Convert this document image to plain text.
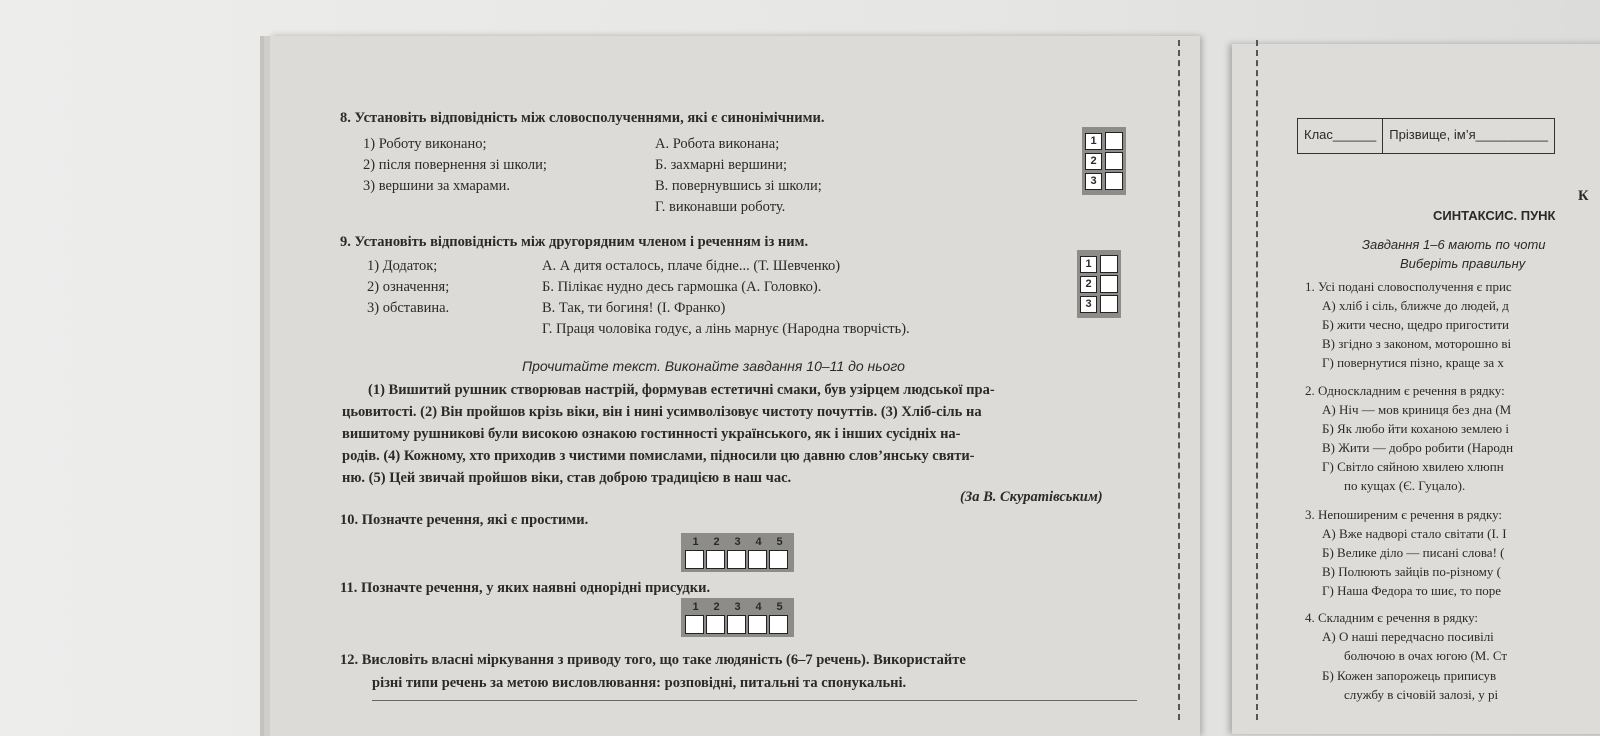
8. Установіть відповідність між словосполученнями, які є синонімічними.
1) Роботу виконано;
2) після повернення зі школи;
3) вершини за хмарами.
А. Робота виконана;
Б. захмарні вершини;
В. повернувшись зі школи;
Г. виконавши роботу.
1
2
3
9. Установіть відповідність між другорядним членом і реченням із ним.
1) Додаток;
2) означення;
3) обставина.
А. А дитя осталось, плаче бідне... (Т. Шевченко)
Б. Пілікає нудно десь гармошка (А. Головко).
В. Так, ти богиня! (І. Франко)
Г. Праця чоловіка годує, а лінь марнує (Народна творчість).
1
2
3
Прочитайте текст. Виконайте завдання 10–11 до нього
(1) Вишитий рушник створював настрій, формував естетичні смаки, був узірцем людської пра-
цьовитості. (2) Він пройшов крізь віки, він і нині усимволізовує чистоту почуттів. (3) Хліб-сіль на
вишитому рушникові були високою ознакою гостинності українського, як і інших сусідніх на-
родів. (4) Кожному, хто приходив з чистими помислами, підносили цю давню слов’янську святи-
ню. (5) Цей звичай пройшов віки, став доброю традицією в наш час.
(За В. Скуратівським)
10. Позначте речення, які є простими.
1	2	3	4	5
11. Позначте речення, у яких наявні однорідні присудки.
1	2	3	4	5
12. Висловіть власні міркування з приводу того, що таке людяність (6–7 речень). Використайте
різні типи речень за метою висловлювання: розповідні, питальні та спонукальні.
Клас______	Прізвище, ім’я__________
К
СИНТАКСИС. ПУНК
Завдання 1–6 мають по чоти
Виберіть правильну
1. Усі подані словосполучення є прис
А) хліб і сіль, ближче до людей, д
Б) жити чесно, щедро пригостити
В) згідно з законом, моторошно ві
Г) повернутися пізно, краще за х
2. Односкладним є речення в рядку:
А) Ніч — мов криниця без дна (М
Б) Як любо йти коханою землею і
В) Жити — добро робити (Народн
Г) Світло сяйною хвилею хлюпн
по кущах (Є. Гуцало).
3. Непоширеним є речення в рядку:
А) Вже надворі стало світати (І. І
Б) Велике діло — писані слова! (
В) Полюють зайців по-різному (
Г) Наша Федора то шиє, то поре
4. Складним є речення в рядку:
А) О наші передчасно посивілі
болючою в очах югою (М. Ст
Б) Кожен запорожець приписув
службу в січовій залозі, у рі
